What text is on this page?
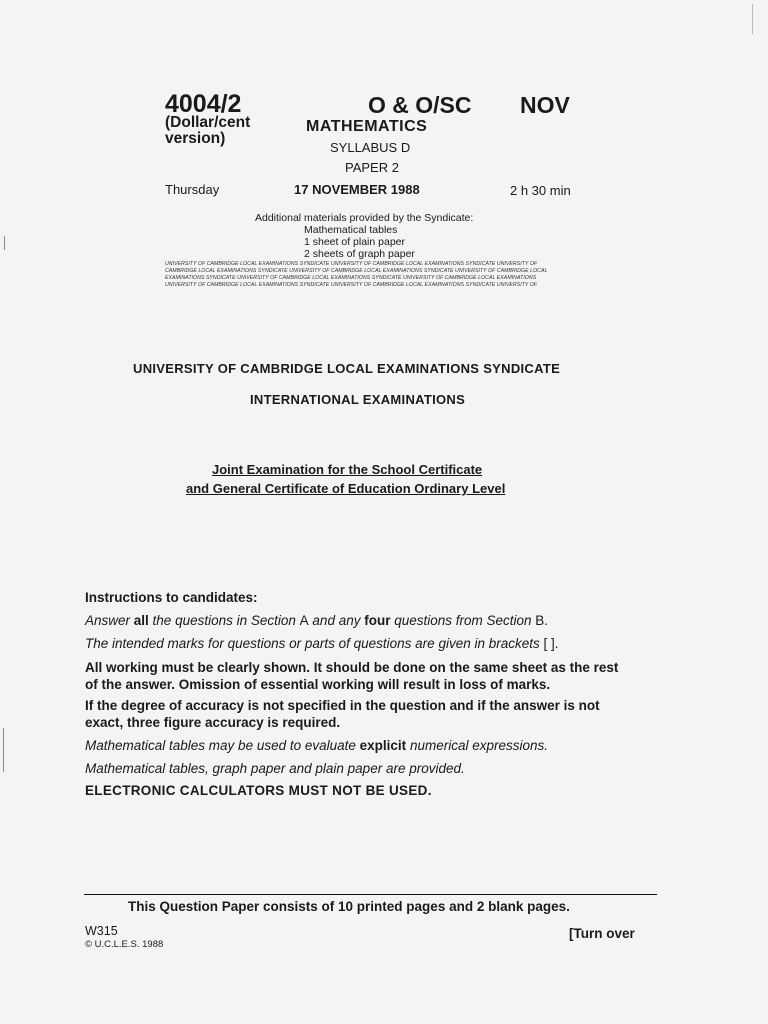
4004/2
(Dollar/cent
version)
O & O/SC NOV
MATHEMATICS
SYLLABUS D
PAPER 2
Thursday	17 NOVEMBER 1988	2 h 30 min
Additional materials provided by the Syndicate:
Mathematical tables
1 sheet of plain paper
2 sheets of graph paper
UNIVERSITY OF CAMBRIDGE LOCAL EXAMINATIONS SYNDICATE UNIVERSITY OF CAMBRIDGE LOCAL EXAMINATIONS SYNDICATE UNIVERSITY OF
CAMBRIDGE LOCAL EXAMINATIONS SYNDICATE UNIVERSITY OF CAMBRIDGE LOCAL EXAMINATIONS SYNDICATE UNIVERSITY OF CAMBRIDGE LOCAL
EXAMINATIONS SYNDICATE UNIVERSITY OF CAMBRIDGE LOCAL EXAMINATIONS SYNDICATE UNIVERSITY OF CAMBRIDGE LOCAL EXAMINATIONS
UNIVERSITY OF CAMBRIDGE LOCAL EXAMINATIONS SYNDICATE UNIVERSITY OF CAMBRIDGE LOCAL EXAMINATIONS SYNDICATE UNIVERSITY OF
UNIVERSITY OF CAMBRIDGE LOCAL EXAMINATIONS SYNDICATE
INTERNATIONAL EXAMINATIONS
Joint Examination for the School Certificate
and General Certificate of Education Ordinary Level
Instructions to candidates:
Answer all the questions in Section A and any four questions from Section B.
The intended marks for questions or parts of questions are given in brackets [ ].
All working must be clearly shown. It should be done on the same sheet as the rest
of the answer. Omission of essential working will result in loss of marks.
If the degree of accuracy is not specified in the question and if the answer is not
exact, three figure accuracy is required.
Mathematical tables may be used to evaluate explicit numerical expressions.
Mathematical tables, graph paper and plain paper are provided.
ELECTRONIC CALCULATORS MUST NOT BE USED.
This Question Paper consists of 10 printed pages and 2 blank pages.
W315
© U.C.L.E.S. 1988
[Turn over
